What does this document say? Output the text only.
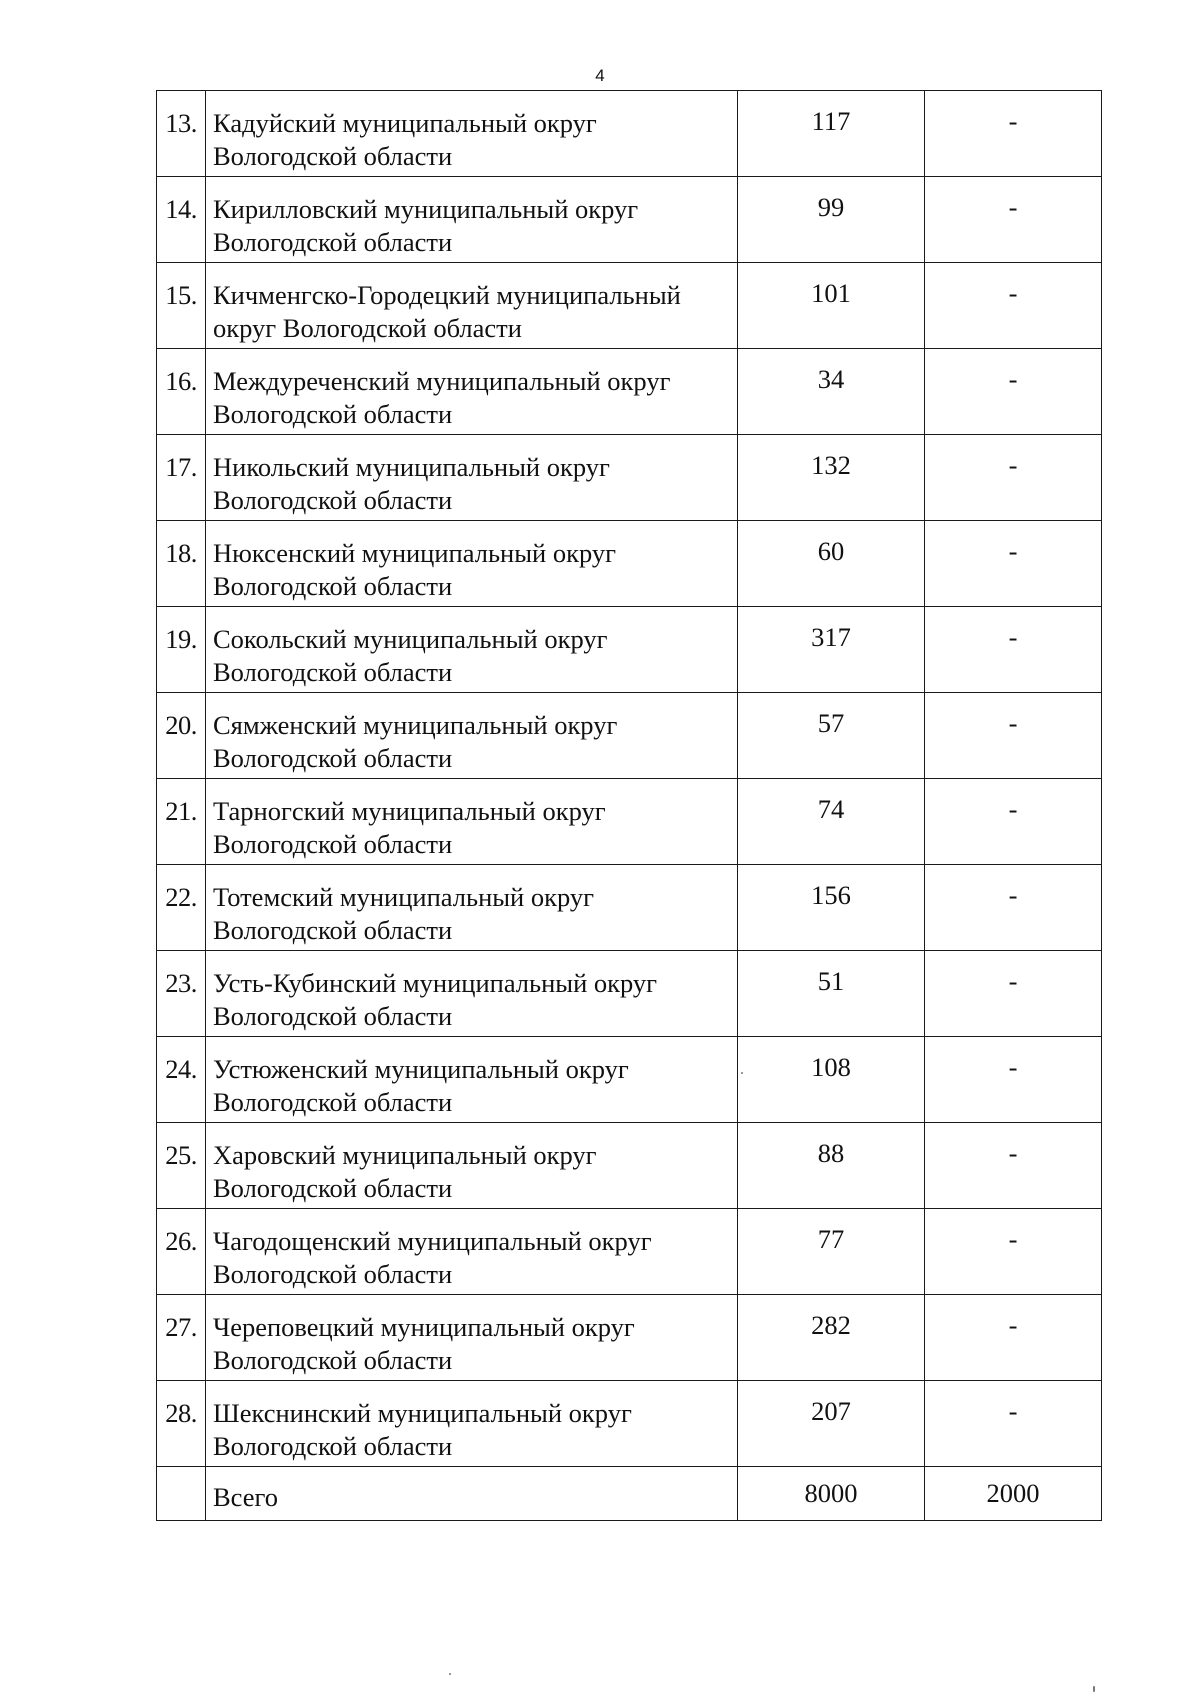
4
13.	Кадуйский муниципальный округ Вологодской области	117	-
14.	Кирилловский муниципальный округ Вологодской области	99	-
15.	Кичменгско-Городецкий муниципальный округ Вологодской области	101	-
16.	Междуреченский муниципальный округ Вологодской области	34	-
17.	Никольский муниципальный округ Вологодской области	132	-
18.	Нюксенский муниципальный округ Вологодской области	60	-
19.	Сокольский муниципальный округ Вологодской области	317	-
20.	Сямженский муниципальный округ Вологодской области	57	-
21.	Тарногский муниципальный округ Вологодской области	74	-
22.	Тотемский муниципальный округ Вологодской области	156	-
23.	Усть-Кубинский муниципальный округ Вологодской области	51	-
24.	Устюженский муниципальный округ Вологодской области	108	-
25.	Харовский муниципальный округ Вологодской области	88	-
26.	Чагодощенский муниципальный округ Вологодской области	77	-
27.	Череповецкий муниципальный округ Вологодской области	282	-
28.	Шекснинский муниципальный округ Вологодской области	207	-
	Всего	8000	2000
